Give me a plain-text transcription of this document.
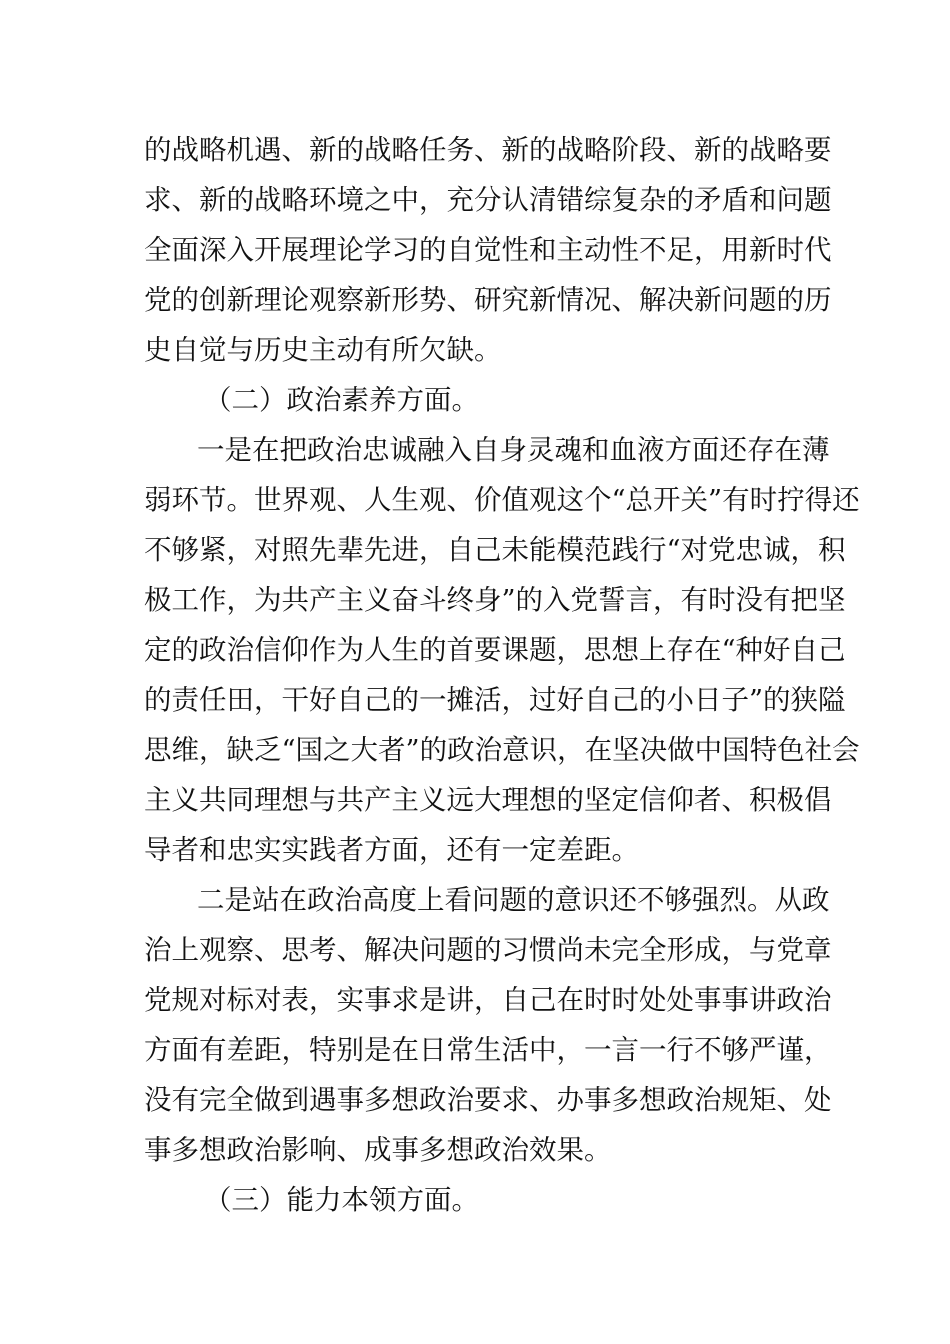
的战略机遇、新的战略任务、新的战略阶段、新的战略要
求、新的战略环境之中，充分认清错综复杂的矛盾和问题
全面深入开展理论学习的自觉性和主动性不足，用新时代
党的创新理论观察新形势、研究新情况、解决新问题的历
史自觉与历史主动有所欠缺。
（二）政治素养方面。
一是在把政治忠诚融入自身灵魂和血液方面还存在薄
弱环节。世界观、人生观、价值观这个“总开关”有时拧得还
不够紧，对照先辈先进，自己未能模范践行“对党忠诚，积
极工作，为共产主义奋斗终身”的入党誓言，有时没有把坚
定的政治信仰作为人生的首要课题，思想上存在“种好自己
的责任田，干好自己的一摊活，过好自己的小日子”的狭隘
思维，缺乏“国之大者”的政治意识，在坚决做中国特色社会
主义共同理想与共产主义远大理想的坚定信仰者、积极倡
导者和忠实实践者方面，还有一定差距。
二是站在政治高度上看问题的意识还不够强烈。从政
治上观察、思考、解决问题的习惯尚未完全形成，与党章
党规对标对表，实事求是讲，自己在时时处处事事讲政治
方面有差距，特别是在日常生活中，一言一行不够严谨，
没有完全做到遇事多想政治要求、办事多想政治规矩、处
事多想政治影响、成事多想政治效果。
（三）能力本领方面。
